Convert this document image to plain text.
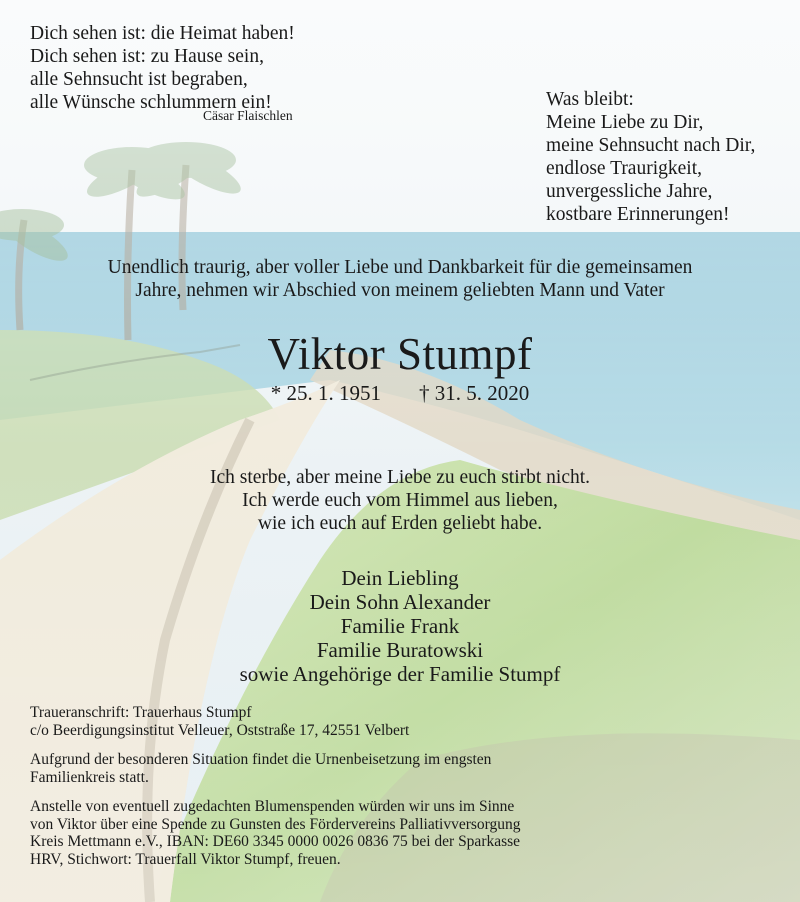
Dich sehen ist: die Heimat haben!
Dich sehen ist: zu Hause sein,
alle Sehnsucht ist begraben,
alle Wünsche schlummern ein!
Cäsar Flaischlen
Was bleibt:
Meine Liebe zu Dir,
meine Sehnsucht nach Dir,
endlose Traurigkeit,
unvergessliche Jahre,
kostbare Erinnerungen!
Unendlich traurig, aber voller Liebe und Dankbarkeit für die gemeinsamen
Jahre, nehmen wir Abschied von meinem geliebten Mann und Vater
Viktor Stumpf
* 25. 1. 1951 † 31. 5. 2020
Ich sterbe, aber meine Liebe zu euch stirbt nicht.
Ich werde euch vom Himmel aus lieben,
wie ich euch auf Erden geliebt habe.
Dein Liebling
Dein Sohn Alexander
Familie Frank
Familie Buratowski
sowie Angehörige der Familie Stumpf
Traueranschrift: Trauerhaus Stumpf
c/o Beerdigungsinstitut Velleuer, Oststraße 17, 42551 Velbert
Aufgrund der besonderen Situation findet die Urnenbeisetzung im engsten
Familienkreis statt.
Anstelle von eventuell zugedachten Blumenspenden würden wir uns im Sinne
von Viktor über eine Spende zu Gunsten des Fördervereins Palliativversorgung
Kreis Mettmann e.V., IBAN: DE60 3345 0000 0026 0836 75 bei der Sparkasse
HRV, Stichwort: Trauerfall Viktor Stumpf, freuen.
